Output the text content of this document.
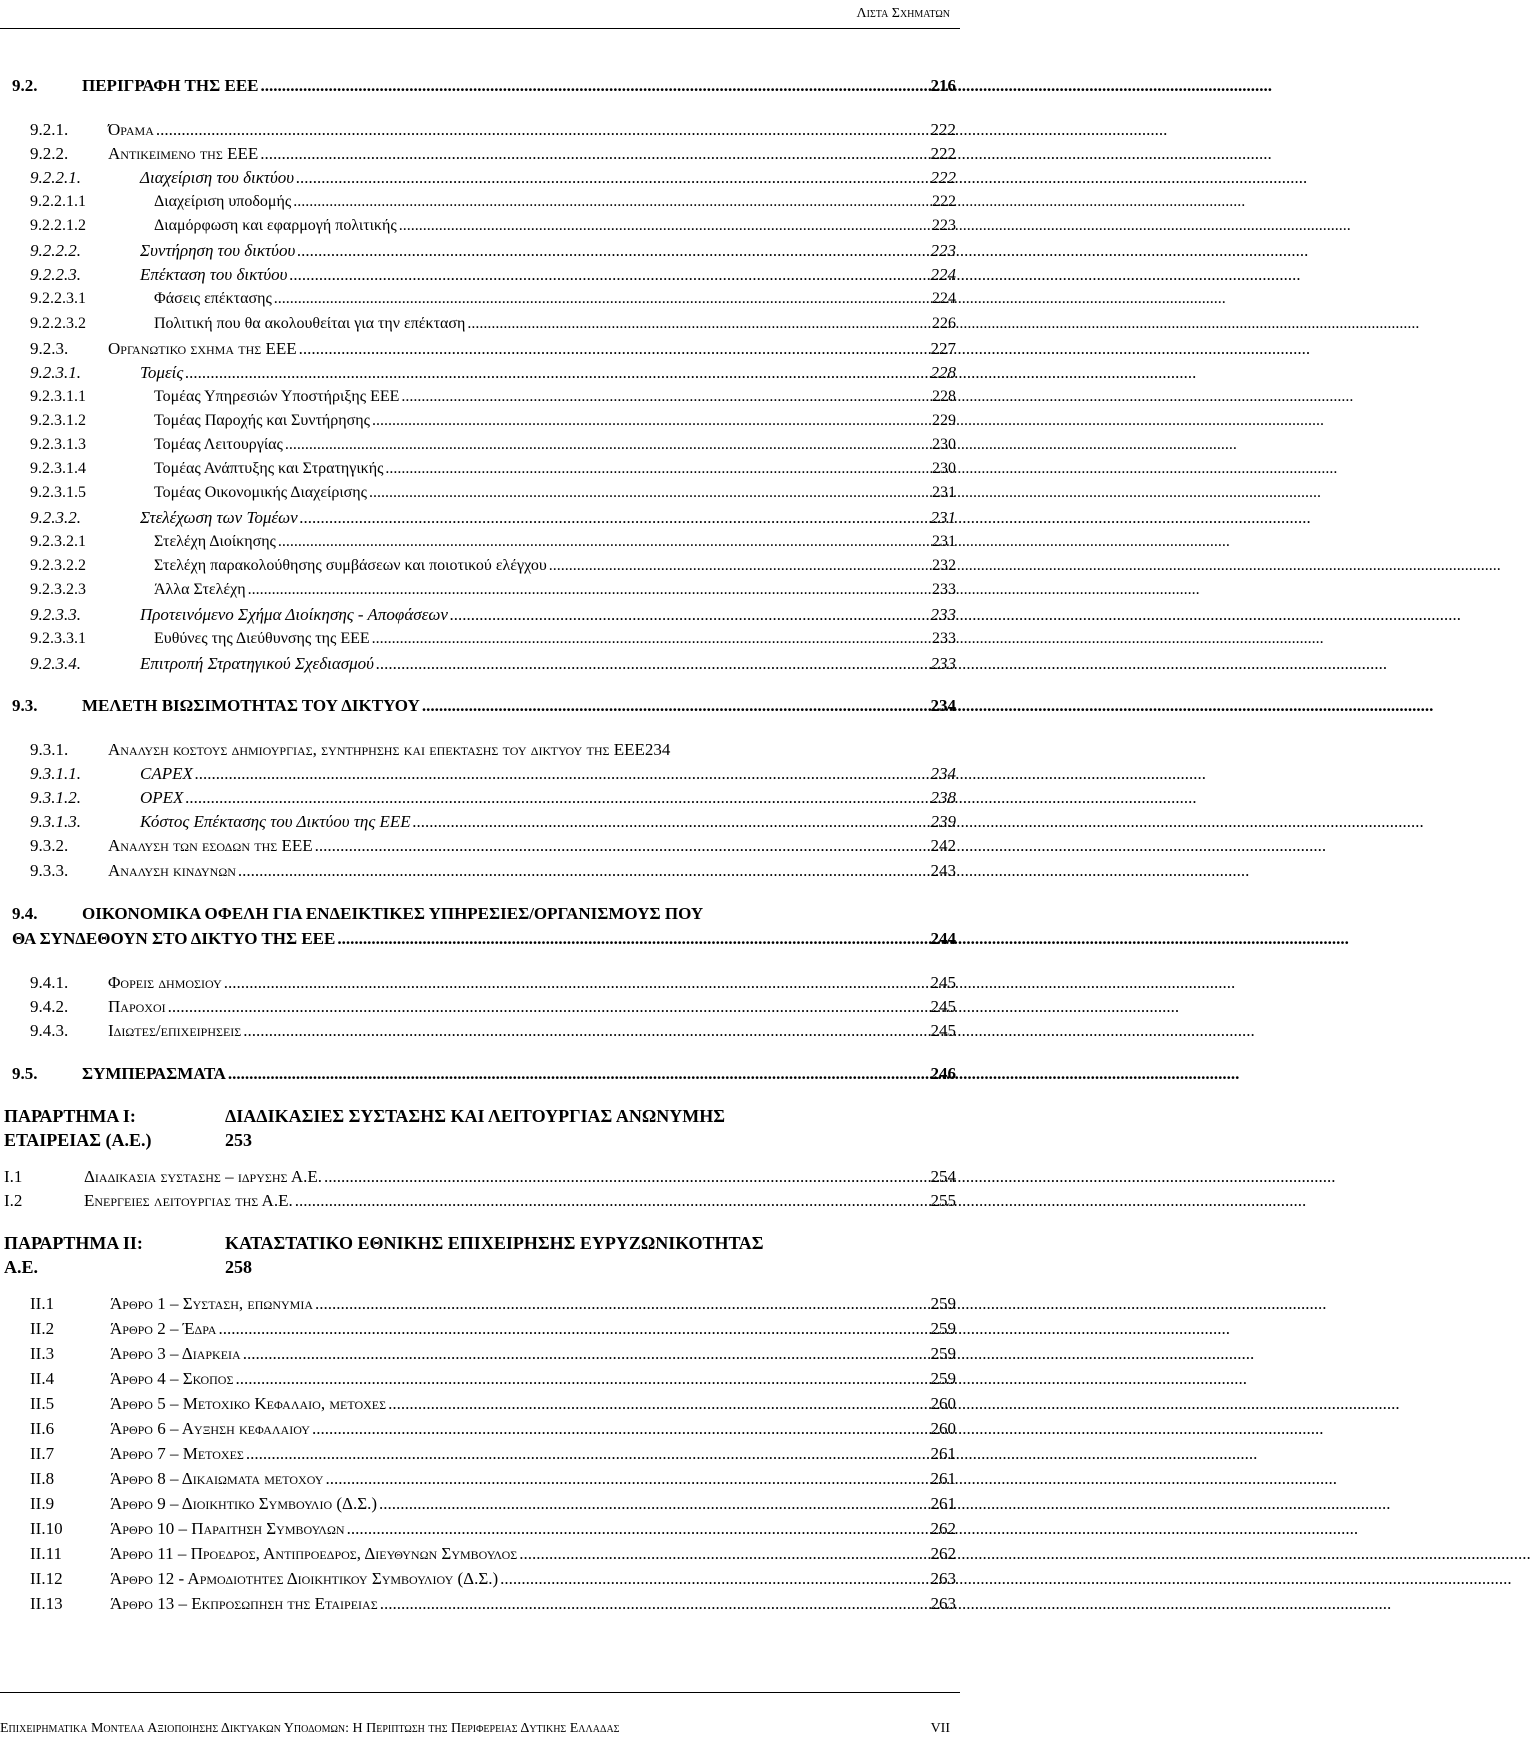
Λιστα Σχηματων
9.2.	ΠΕΡΙΓΡΑΦΗ ΤΗΣ ΕΕΕ .....	216
9.2.1.	Όραμα .....	222
9.2.2.	Αντικειμενο της ΕΕΕ .....	222
9.2.2.1.	Διαχείριση του δικτύου .....	222
9.2.2.1.1	Διαχείριση υποδομής .....	222
9.2.2.1.2	Διαμόρφωση και εφαρμογή πολιτικής .....	223
9.2.2.2.	Συντήρηση του δικτύου .....	223
9.2.2.3.	Επέκταση του δικτύου .....	224
9.2.2.3.1	Φάσεις επέκτασης .....	224
9.2.2.3.2	Πολιτική που θα ακολουθείται για την επέκταση .....	226
9.2.3.	Οργανωτικο σχημα της ΕΕΕ .....	227
9.2.3.1.	Τομείς .....	228
9.2.3.1.1	Τομέας Υπηρεσιών Υποστήριξης ΕΕΕ .....	228
9.2.3.1.2	Τομέας Παροχής και Συντήρησης .....	229
9.2.3.1.3	Τομέας Λειτουργίας .....	230
9.2.3.1.4	Τομέας Ανάπτυξης και Στρατηγικής .....	230
9.2.3.1.5	Τομέας Οικονομικής Διαχείρισης .....	231
9.2.3.2.	Στελέχωση των Τομέων .....	231
9.2.3.2.1	Στελέχη Διοίκησης .....	231
9.2.3.2.2	Στελέχη παρακολούθησης συμβάσεων και ποιοτικού ελέγχου .....	232
9.2.3.2.3	Άλλα Στελέχη .....	233
9.2.3.3.	Προτεινόμενο Σχήμα Διοίκησης - Αποφάσεων .....	233
9.2.3.3.1	Ευθύνες της Διεύθυνσης της ΕΕΕ .....	233
9.2.3.4.	Επιτροπή Στρατηγικού Σχεδιασμού .....	233
9.3.	ΜΕΛΕΤΗ ΒΙΩΣΙΜΟΤΗΤΑΣ ΤΟΥ ΔΙΚΤΥΟΥ .....	234
9.3.1.	Αναλυση κοστους δημιουργιας, συντηρησης και επεκτασης του δικτυου της ΕΕΕ 234
9.3.1.1.	CAPEX .....	234
9.3.1.2.	OPEX .....	238
9.3.1.3.	Κόστος Επέκτασης του Δικτύου της ΕΕΕ .....	239
9.3.2.	Αναλυση των εσοδων της ΕΕΕ .....	242
9.3.3.	Αναλυση κινδυνων .....	243
9.4.	ΟΙΚΟΝΟΜΙΚΑ ΟΦΕΛΗ ΓΙΑ ΕΝΔΕΙΚΤΙΚΕΣ ΥΠΗΡΕΣΙΕΣ/ΟΡΓΑΝΙΣΜΟΥΣ ΠΟΥ
ΘΑ ΣΥΝΔΕΘΟΥΝ ΣΤΟ ΔΙΚΤΥΟ ΤΗΣ ΕΕΕ .....	244
9.4.1.	Φορεις δημοσιου .....	245
9.4.2.	Παροχοι .....	245
9.4.3.	Ιδιωτες/επιχειρησεις .....	245
9.5.	ΣΥΜΠΕΡΑΣΜΑΤΑ .....	246
ΠΑΡΑΡΤΗΜΑ Ι:	ΔΙΑΔΙΚΑΣΙΕΣ ΣΥΣΤΑΣΗΣ ΚΑΙ ΛΕΙΤΟΥΡΓΙΑΣ ΑΝΩΝΥΜΗΣ
ΕΤΑΙΡΕΙΑΣ (Α.Ε.)	253
Ι.1	Διαδικασια συστασης – ιδρυσης Α.Ε. .....	254
Ι.2	Ενεργειες λειτουργιας της Α.Ε. .....	255
ΠΑΡΑΡΤΗΜΑ ΙΙ:	ΚΑΤΑΣΤΑΤΙΚΟ ΕΘΝΙΚΗΣ ΕΠΙΧΕΙΡΗΣΗΣ ΕΥΡΥΖΩΝΙΚΟΤΗΤΑΣ
Α.Ε.	258
ΙΙ.1	Άρθρο 1 – Συσταση, επωνυμια .....	259
ΙΙ.2	Άρθρο 2 – Έδρα .....	259
ΙΙ.3	Άρθρο 3 – Διαρκεια .....	259
ΙΙ.4	Άρθρο 4 – Σκοπος .....	259
ΙΙ.5	Άρθρο 5 – Μετοχικο Κεφαλαιο, μετοχες .....	260
ΙΙ.6	Άρθρο 6 – Αυξηση κεφαλαιου .....	260
ΙΙ.7	Άρθρο 7 – Μετοχες .....	261
ΙΙ.8	Άρθρο 8 – Δικαιωματα μετοχου .....	261
ΙΙ.9	Άρθρο 9 – Διοικητικο Συμβουλιο (Δ.Σ.) .....	261
ΙΙ.10	Άρθρο 10 – Παραιτηση Συμβουλων .....	262
ΙΙ.11	Άρθρο 11 – Προεδρος, Αντιπροεδρος, Διευθυνων Συμβουλος .....	262
ΙΙ.12	Άρθρο 12 - Αρμοδιοτητες Διοικητικου Συμβουλιου (Δ.Σ.) .....	263
ΙΙ.13	Άρθρο 13 – Εκπροσωπηση της Εταιρειας .....	263
Επιχειρηματικα Μοντελα Αξιοποιησης Δικτυακων Υποδομων: Η Περιπτωση της Περιφερειας Δυτικης Ελλαδας	VII
